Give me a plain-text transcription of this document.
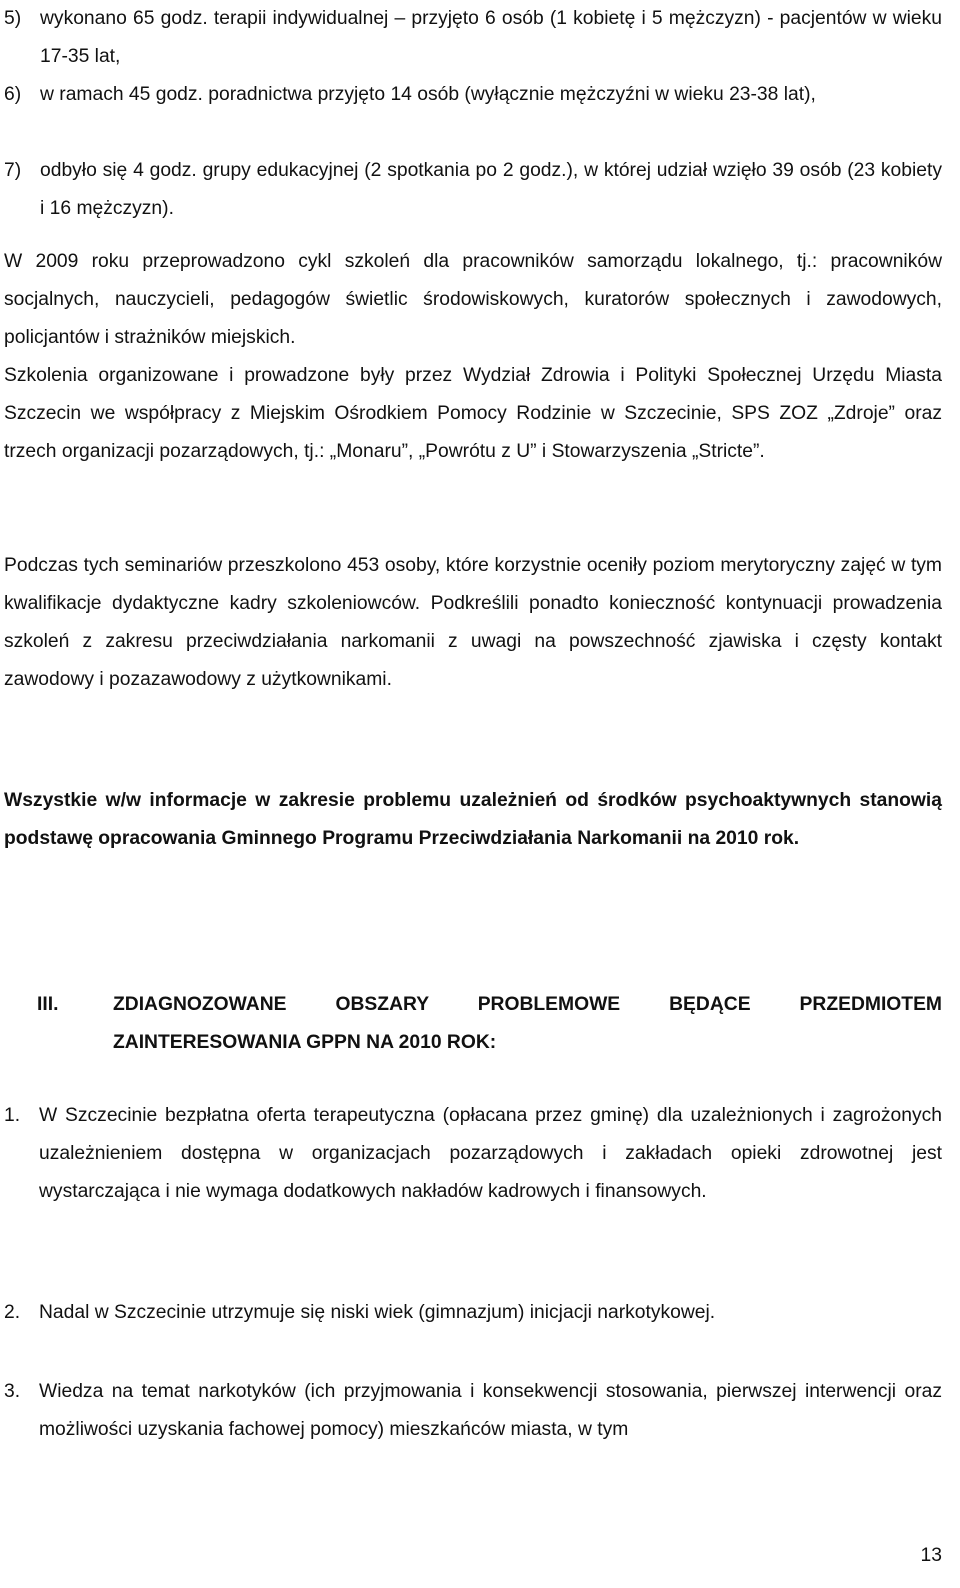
5) wykonano 65 godz. terapii indywidualnej – przyjęto 6 osób (1 kobietę i 5 mężczyzn) - pacjentów w wieku 17-35 lat,
6) w ramach 45 godz. poradnictwa przyjęto 14 osób (wyłącznie mężczyźni w wieku 23-38 lat),
7) odbyło się 4 godz. grupy edukacyjnej (2 spotkania po 2 godz.), w której udział wzięło 39 osób (23 kobiety i 16 mężczyzn).

W 2009 roku przeprowadzono cykl szkoleń dla pracowników samorządu lokalnego, tj.: pracowników socjalnych, nauczycieli, pedagogów świetlic środowiskowych, kuratorów społecznych i zawodowych, policjantów i strażników miejskich.

Szkolenia organizowane i prowadzone były przez Wydział Zdrowia i Polityki Społecznej Urzędu Miasta Szczecin we współpracy z Miejskim Ośrodkiem Pomocy Rodzinie w Szczecinie, SPS ZOZ „Zdroje” oraz trzech organizacji pozarządowych, tj.: „Monaru”, „Powrótu z U” i Stowarzyszenia „Stricte”.

Podczas tych seminariów przeszkolono 453 osoby, które korzystnie oceniły poziom merytoryczny zajęć w tym kwalifikacje dydaktyczne kadry szkoleniowców. Podkreślili ponadto konieczność kontynuacji prowadzenia szkoleń z zakresu przeciwdziałania narkomanii z uwagi na powszechność zjawiska i częsty kontakt zawodowy i pozazawodowy z użytkownikami.

Wszystkie w/w informacje w zakresie problemu uzależnień od środków psychoaktywnych stanowią podstawę opracowania Gminnego Programu Przeciwdziałania Narkomanii na 2010 rok.

III.	ZDIAGNOZOWANE OBSZARY PROBLEMOWE BĘDĄCE PRZEDMIOTEM ZAINTERESOWANIA GPPN NA 2010 ROK:
1. W Szczecinie bezpłatna oferta terapeutyczna (opłacana przez gminę) dla uzależnionych i zagrożonych uzależnieniem dostępna w organizacjach pozarządowych i zakładach opieki zdrowotnej jest wystarczająca i nie wymaga dodatkowych nakładów kadrowych i finansowych.
2. Nadal w Szczecinie utrzymuje się niski wiek (gimnazjum) inicjacji narkotykowej.
3. Wiedza na temat narkotyków (ich przyjmowania i konsekwencji stosowania, pierwszej interwencji oraz możliwości uzyskania fachowej pomocy) mieszkańców miasta, w tym
13
